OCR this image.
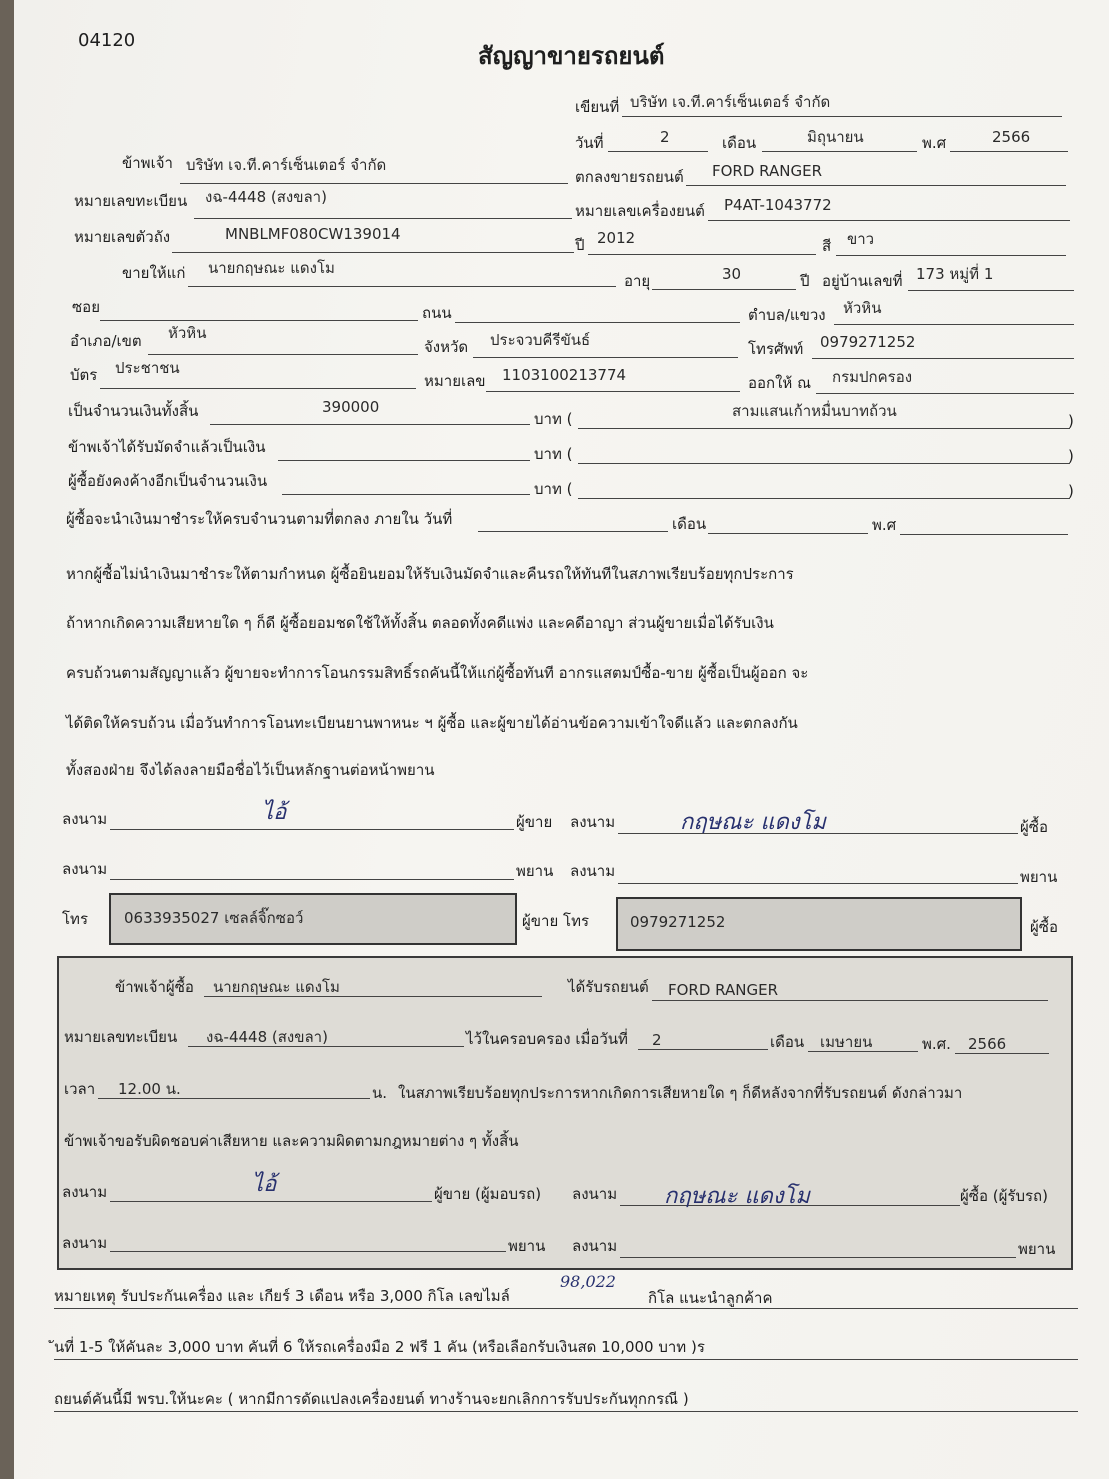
04120
สัญญาขายรถยนต์
เขียนที่ บริษัท เจ.ที.คาร์เซ็นเตอร์ จำกัด
วันที่	2	เดือน	มิถุนายน	พ.ศ	2566
ข้าพเจ้า บริษัท เจ.ที.คาร์เซ็นเตอร์ จำกัด
ตกลงขายรถยนต์ FORD RANGER
หมายเลขทะเบียน งฉ-4448 (สงขลา)
หมายเลขเครื่องยนต์ P4AT-1043772
หมายเลขตัวถัง	MNBLMF080CW139014
ปี 2012	สี ขาว
ขายให้แก่ นายกฤษณะ แดงโม
อายุ	30	ปี อยู่บ้านเลขที่ 173 หมู่ที่ 1
ซอย	ถนน	ตำบล/แขวง หัวหิน
อำเภอ/เขต หัวหิน
จังหวัด ประจวบคีรีขันธ์	โทรศัพท์ 0979271252
บัตร ประชาชน
หมายเลข 1103100213774	ออกให้ ณ กรมปกครอง
เป็นจำนวนเงินทั้งสิ้น	390000
บาท (	สามแสนเก้าหมื่นบาทถ้วน
)
ข้าพเจ้าได้รับมัดจำแล้วเป็นเงิน	บาท (	)
ผู้ซื้อยังคงค้างอีกเป็นจำนวนเงิน	บาท (	)
ผู้ซื้อจะนำเงินมาชำระให้ครบจำนวนตามที่ตกลง ภายใน วันที่	เดือน	พ.ศ
หากผู้ซื้อไม่นำเงินมาชำระให้ตามกำหนด ผู้ซื้อยินยอมให้รับเงินมัดจำและคืนรถให้ทันทีในสภาพเรียบร้อยทุกประการ
ถ้าหากเกิดความเสียหายใด ๆ ก็ดี ผู้ซื้อยอมชดใช้ให้ทั้งสิ้น ตลอดทั้งคดีแพ่ง และคดีอาญา ส่วนผู้ขายเมื่อได้รับเงิน
ครบถ้วนตามสัญญาแล้ว ผู้ขายจะทำการโอนกรรมสิทธิ์รถคันนี้ให้แก่ผู้ซื้อทันที อากรแสตมป์ซื้อ-ขาย ผู้ซื้อเป็นผู้ออก จะ
ได้ติดให้ครบถ้วน เมื่อวันทำการโอนทะเบียนยานพาหนะ ฯ ผู้ซื้อ และผู้ขายได้อ่านข้อความเข้าใจดีแล้ว และตกลงกัน
ทั้งสองฝ่าย จึงได้ลงลายมือชื่อไว้เป็นหลักฐานต่อหน้าพยาน
ลงนาม	ไอ้	ผู้ขาย ลงนาม	กฤษณะ แดงโม	ผู้ซื้อ
ลงนาม	พยาน ลงนาม	พยาน
โทร 0633935027 เซลล์จิ๊กซอว์	ผู้ขาย โทร	0979271252	ผู้ซื้อ
ข้าพเจ้าผู้ซื้อ นายกฤษณะ แดงโม	ได้รับรถยนต์ FORD RANGER
หมายเลขทะเบียน งฉ-4448 (สงขลา)	ไว้ในครอบครอง เมื่อวันที่ 2	เดือน เมษายน	พ.ศ. 2566
เวลา 12.00 น.	น. ในสภาพเรียบร้อยทุกประการหากเกิดการเสียหายใด ๆ ก็ดีหลังจากที่รับรถยนต์ ดังกล่าวมา
ข้าพเจ้าขอรับผิดชอบค่าเสียหาย และความผิดตามกฎหมายต่าง ๆ ทั้งสิ้น
ลงนาม	ไอ้	ผู้ขาย (ผู้มอบรถ) ลงนาม กฤษณะ แดงโม	ผู้ซื้อ (ผู้รับรถ)
ลงนาม	พยาน ลงนาม	พยาน
หมายเหตุ รับประกันเครื่อง และ เกียร์ 3 เดือน หรือ 3,000 กิโล เลขไมล์
98,022
กิโล แนะนำลูกค้าค
ันที่ 1-5 ให้คันละ 3,000 บาท คันที่ 6 ให้รถเครื่องมือ 2 ฟรี 1 คัน (หรือเลือกรับเงินสด 10,000 บาท )ร
ถยนต์คันนี้มี พรบ.ให้นะคะ ( หากมีการดัดแปลงเครื่องยนต์ ทางร้านจะยกเลิกการรับประกันทุกกรณี )
